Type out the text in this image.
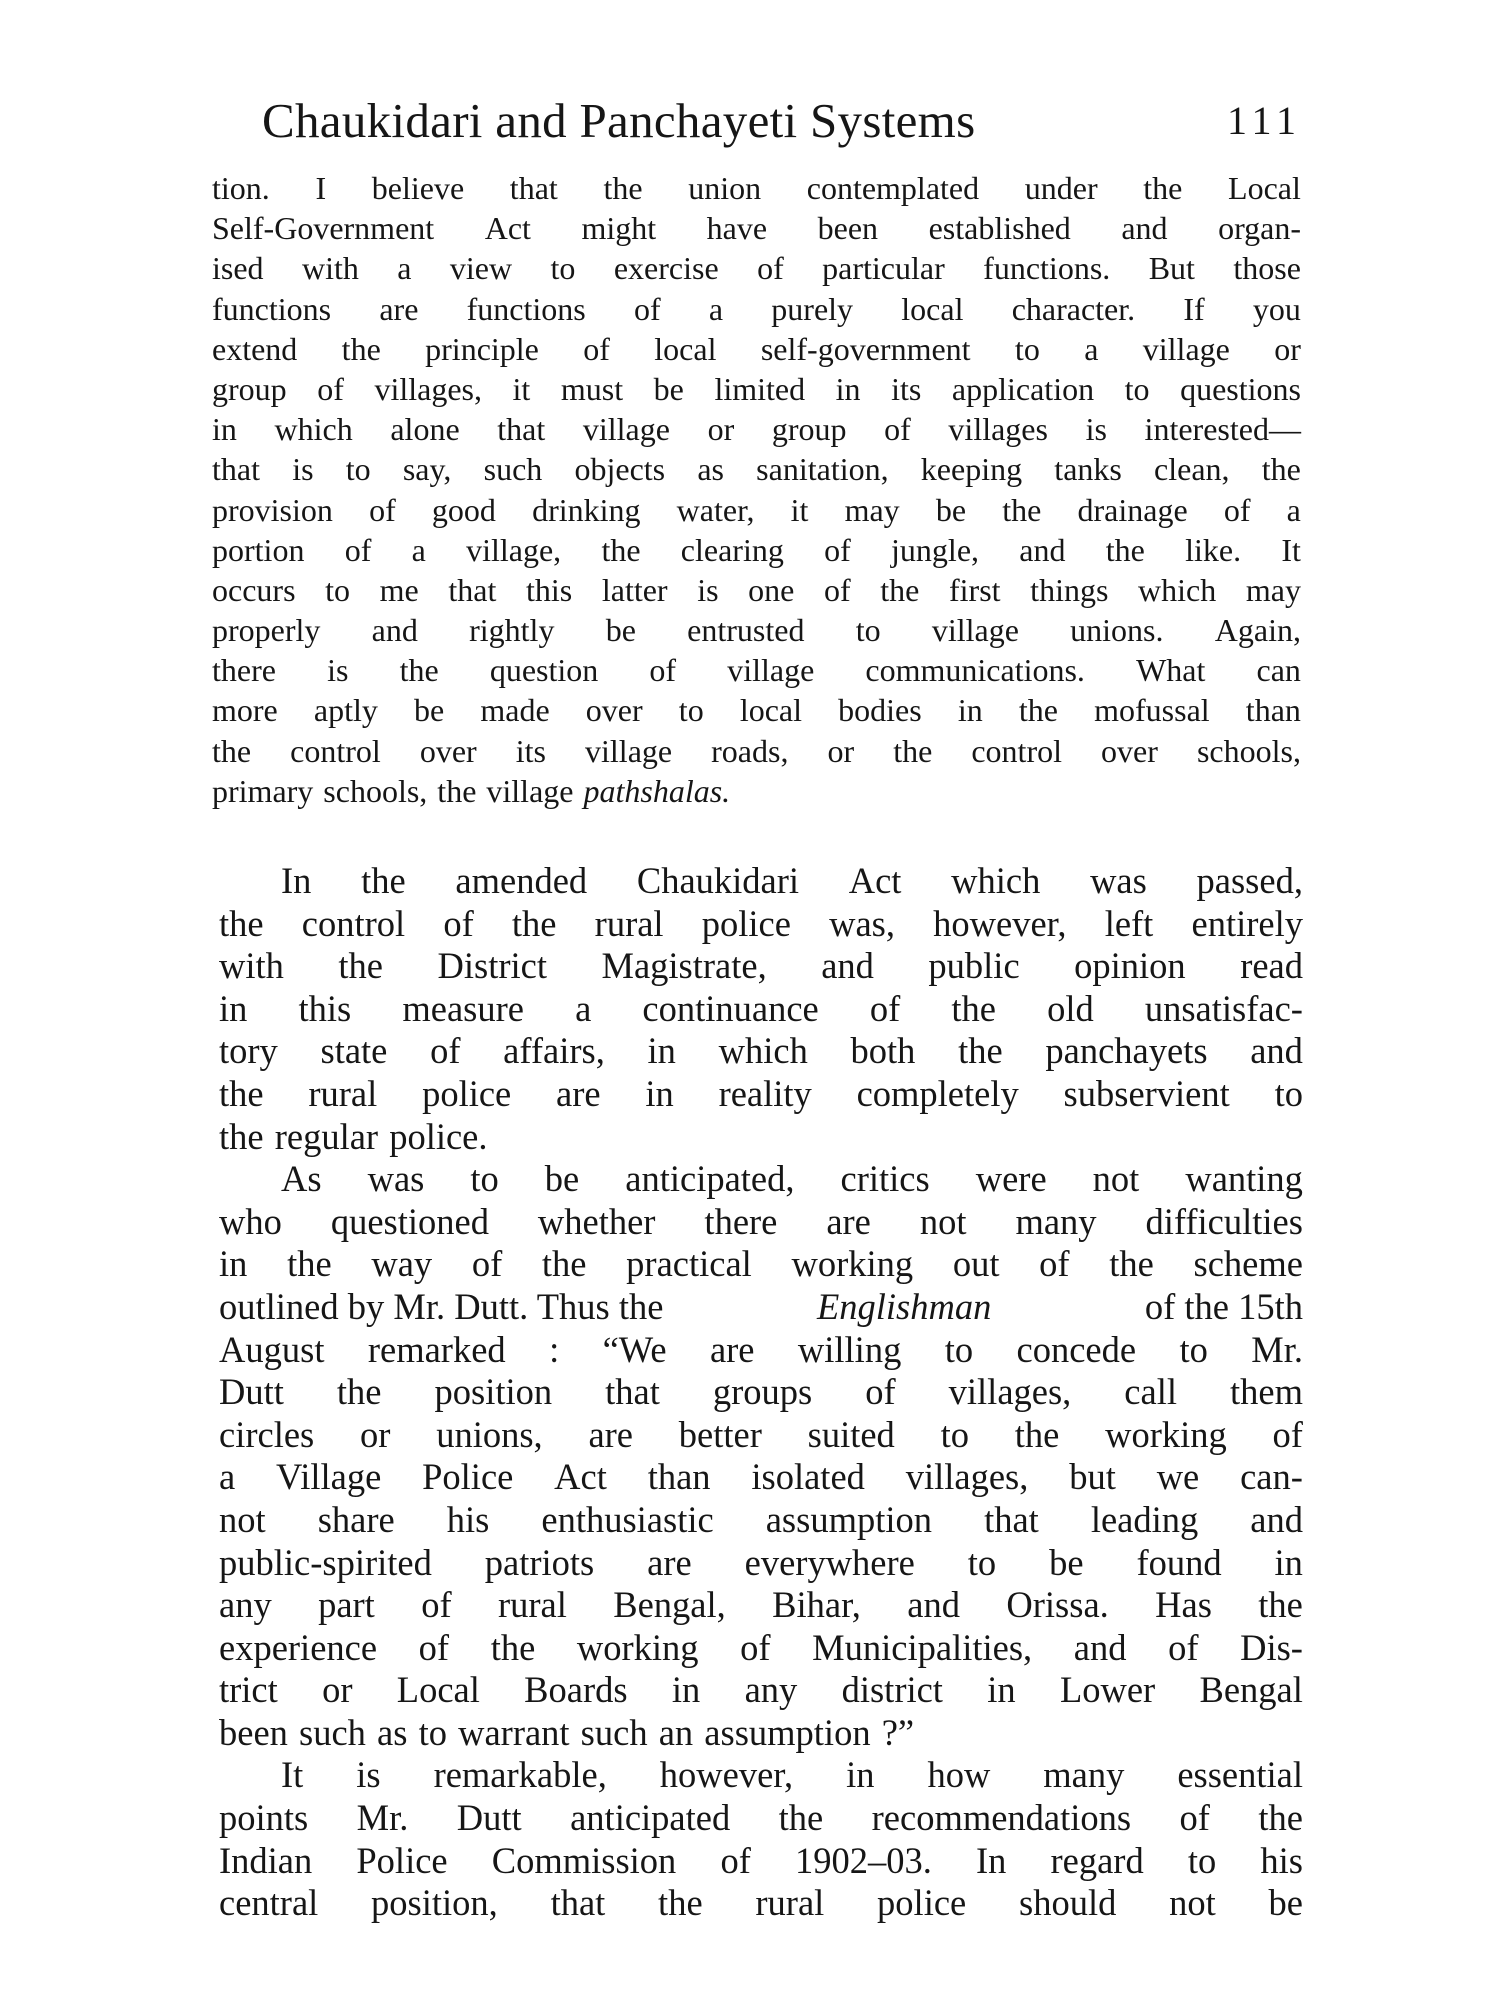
Chaukidari and Panchayeti Systems	111
tion. I believe that the union contemplated under the Local
Self-Government Act might have been established and organ-
ised with a view to exercise of particular functions. But those
functions are functions of a purely local character. If you
extend the principle of local self-government to a village or
group of villages, it must be limited in its application to questions
in which alone that village or group of villages is interested—
that is to say, such objects as sanitation, keeping tanks clean, the
provision of good drinking water, it may be the drainage of a
portion of a village, the clearing of jungle, and the like. It
occurs to me that this latter is one of the first things which may
properly and rightly be entrusted to village unions. Again,
there is the question of village communications. What can
more aptly be made over to local bodies in the mofussal than
the control over its village roads, or the control over schools,
primary schools, the village
pathshalas.
In the amended Chaukidari Act which was passed,
the control of the rural police was, however, left entirely
with the District Magistrate, and public opinion read
in this measure a continuance of the old unsatisfac-
tory state of affairs, in which both the panchayets and
the rural police are in reality completely subservient to
the regular police.
As was to be anticipated, critics were not wanting
who questioned whether there are not many difficulties
in the way of the practical working out of the scheme
outlined by Mr. Dutt. Thus the	Englishman	of the 15th
August remarked : “We are willing to concede to Mr.
Dutt the position that groups of villages, call them
circles or unions, are better suited to the working of
a Village Police Act than isolated villages, but we can-
not share his enthusiastic assumption that leading and
public-spirited patriots are everywhere to be found in
any part of rural Bengal, Bihar, and Orissa. Has the
experience of the working of Municipalities, and of Dis-
trict or Local Boards in any district in Lower Bengal
been such as to warrant such an assumption ?”
It is remarkable, however, in how many essential
points Mr. Dutt anticipated the recommendations of the
Indian Police Commission of 1902–03. In regard to his
central position, that the rural police should not be
